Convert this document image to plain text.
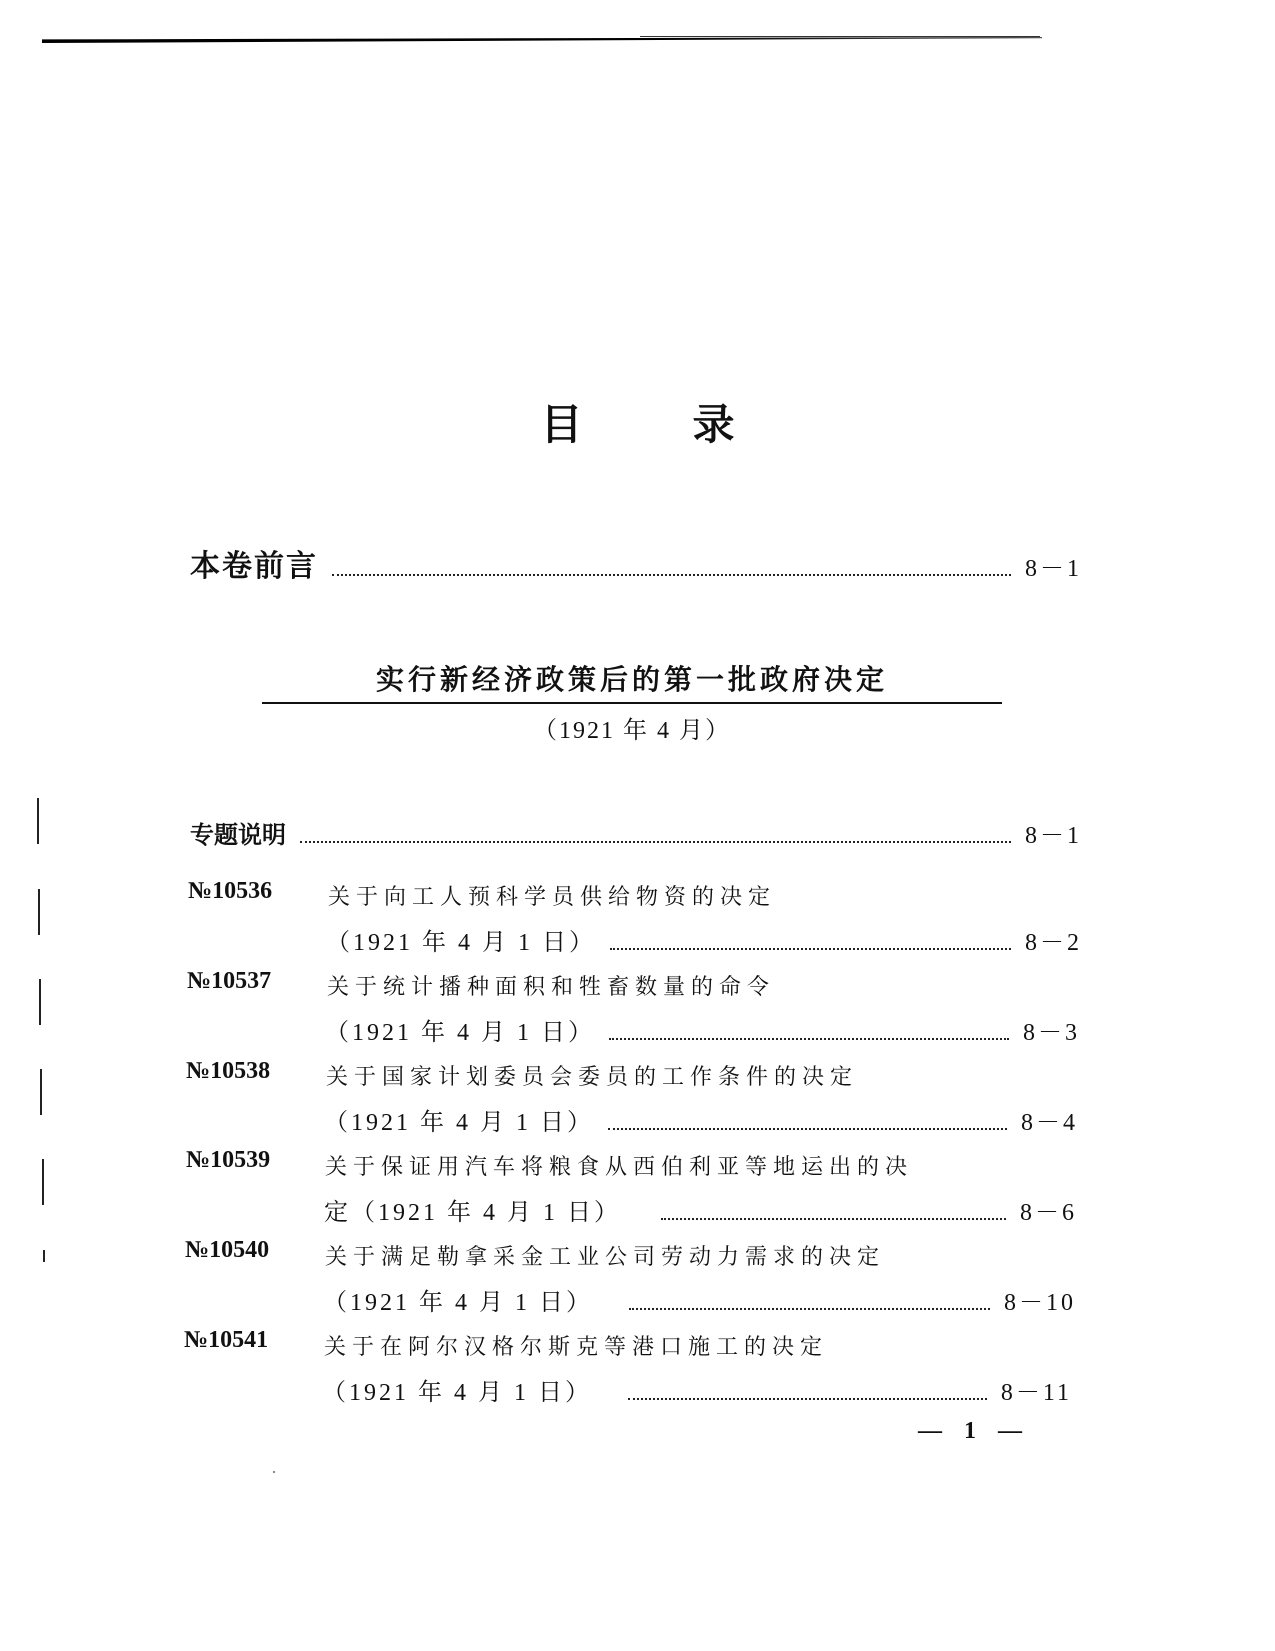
目录
本卷前言	8－1
实行新经济政策后的第一批政府决定
（1921 年 4 月）
专题说明	8－1
№10536	关于向工人预科学员供给物资的决定
（1921 年 4 月 1 日）	8－2
№10537	关于统计播种面积和牲畜数量的命令
（1921 年 4 月 1 日）	8－3
№10538	关于国家计划委员会委员的工作条件的决定
（1921 年 4 月 1 日）	8－4
№10539 关于保证用汽车将粮食从西伯利亚等地运出的决
定（1921 年 4 月 1 日）	8－6
№10540	关于满足勒拿采金工业公司劳动力需求的决定
（1921 年 4 月 1 日）	8－10
№10541	关于在阿尔汉格尔斯克等港口施工的决定
（1921 年 4 月 1 日）	8－11
— 1 —
